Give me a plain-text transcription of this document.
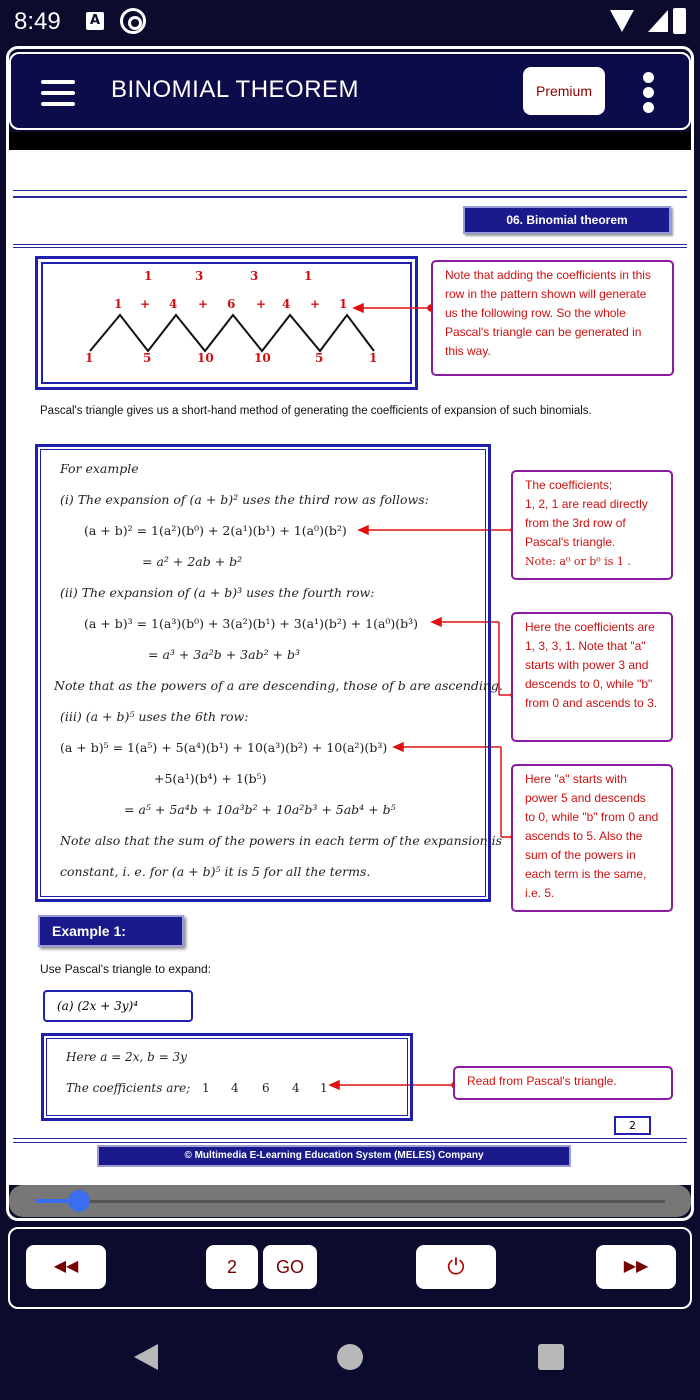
8:49	A
BINOMIAL THEOREM	Premium
06. Binomial theorem
1	3	3	1
1 + 4 + 6 + 4 + 1
1	5	10	10	5	1
Note that adding the coefficients in this row in the pattern shown will generate us the following row. So the whole Pascal's triangle can be generated in this way.
Pascal's triangle gives us a short-hand method of generating the coefficients of expansion of such binomials.
For example
(i) The expansion of (a + b)² uses the third row as follows:
(a + b)² = 1(a²)(b⁰) + 2(a¹)(b¹) + 1(a⁰)(b²)
= a² + 2ab + b²
(ii) The expansion of (a + b)³ uses the fourth row:
(a + b)³ = 1(a³)(b⁰) + 3(a²)(b¹) + 3(a¹)(b²) + 1(a⁰)(b³)
= a³ + 3a²b + 3ab² + b³
Note that as the powers of a are descending, those of b are ascending.
(iii) (a + b)⁵ uses the 6th row:
(a + b)⁵ = 1(a⁵) + 5(a⁴)(b¹) + 10(a³)(b²) + 10(a²)(b³)
+5(a¹)(b⁴) + 1(b⁵)
= a⁵ + 5a⁴b + 10a³b² + 10a²b³ + 5ab⁴ + b⁵
Note also that the sum of the powers in each term of the expansion is
constant, i. e. for (a + b)⁵ it is 5 for all the terms.
The coefficients;
1, 2, 1 are read directly
from the 3rd row of
Pascal's triangle.
Note: a⁰ or b⁰ is 1 .
Here the coefficients are 1, 3, 3, 1. Note that "a" starts with power 3 and descends to 0, while "b" from 0 and ascends to 3.
Here "a" starts with power 5 and descends to 0, while "b" from 0 and ascends to 5. Also the sum of the powers in each term is the same, i.e. 5.
Example 1:
Use Pascal's triangle to expand:
(a) (2x + 3y)⁴
Here a = 2x, b = 3y
The coefficients are; 1 4 6 4 1	Read from Pascal's triangle.
2
© Multimedia E-Learning Education System (MELES) Company
◀◀	2	GO	⏻	▶▶
